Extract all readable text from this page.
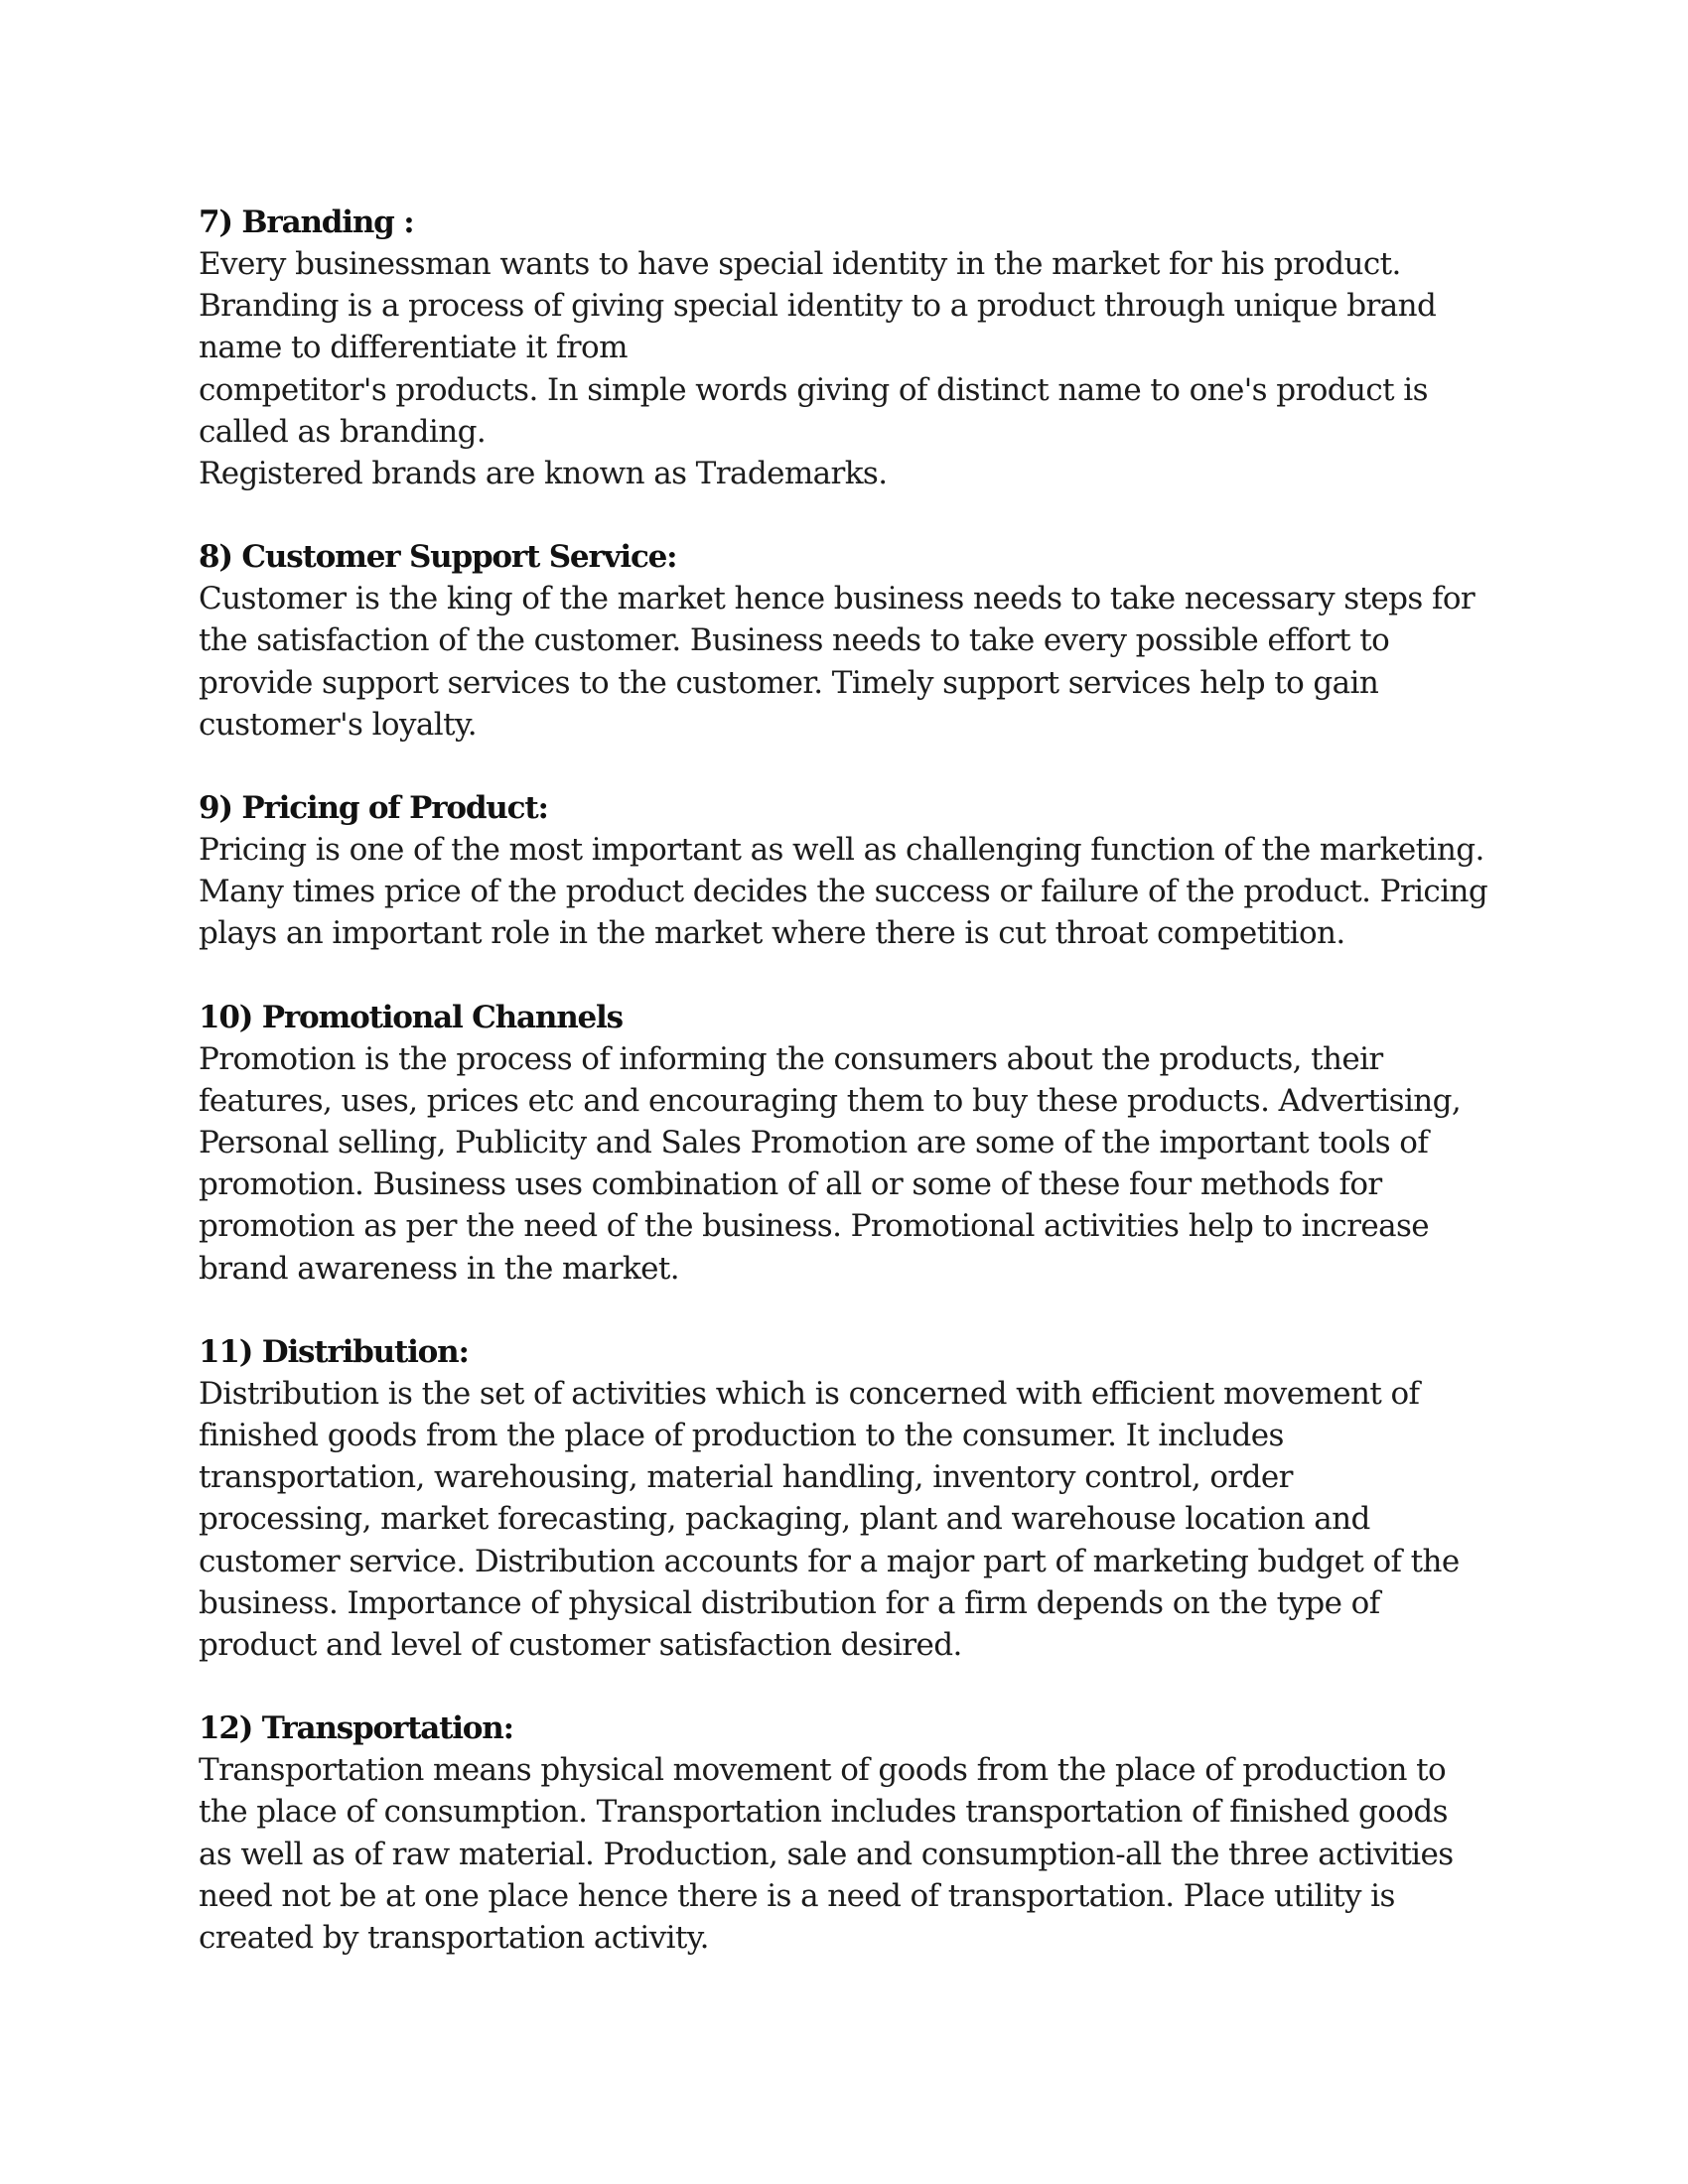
7) Branding :
Every businessman wants to have special identity in the market for his product.
Branding is a process of giving special identity to a product through unique brand
name to differentiate it from
competitor's products. In simple words giving of distinct name to one's product is
called as branding.
Registered brands are known as Trademarks.
8) Customer Support Service:
Customer is the king of the market hence business needs to take necessary steps for
the satisfaction of the customer. Business needs to take every possible effort to
provide support services to the customer. Timely support services help to gain
customer's loyalty.
9) Pricing of Product:
Pricing is one of the most important as well as challenging function of the marketing.
Many times price of the product decides the success or failure of the product. Pricing
plays an important role in the market where there is cut throat competition.
10) Promotional Channels
Promotion is the process of informing the consumers about the products, their
features, uses, prices etc and encouraging them to buy these products. Advertising,
Personal selling, Publicity and Sales Promotion are some of the important tools of
promotion. Business uses combination of all or some of these four methods for
promotion as per the need of the business. Promotional activities help to increase
brand awareness in the market.
11) Distribution:
Distribution is the set of activities which is concerned with efficient movement of
finished goods from the place of production to the consumer. It includes
transportation, warehousing, material handling, inventory control, order
processing, market forecasting, packaging, plant and warehouse location and
customer service. Distribution accounts for a major part of marketing budget of the
business. Importance of physical distribution for a firm depends on the type of
product and level of customer satisfaction desired.
12) Transportation:
Transportation means physical movement of goods from the place of production to
the place of consumption. Transportation includes transportation of finished goods
as well as of raw material. Production, sale and consumption-all the three activities
need not be at one place hence there is a need of transportation. Place utility is
created by transportation activity.
